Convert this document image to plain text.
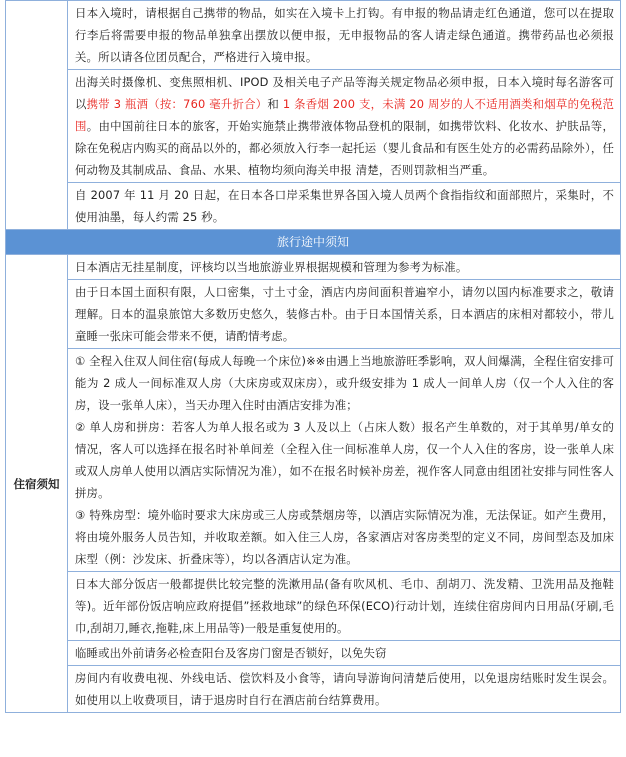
	日本入境时，请根据自己携带的物品，如实在入境卡上打钩。有申报的物品请走红色通道，您可以在提取行李后将需要申报的物品单独拿出摆放以便申报，无申报物品的客人请走绿色通道。携带药品也必须报关。所以请各位团员配合，严格进行入境申报。
	出海关时摄像机、变焦照相机、IPOD 及相关电子产品等海关规定物品必须申报，日本入境时每名游客可以携带 3 瓶酒（按：760 毫升折合）和 1 条香烟 200 支，未满 20 周岁的人不适用酒类和烟草的免税范围。由中国前往日本的旅客，开始实施禁止携带液体物品登机的限制，如携带饮料、化妆水、护肤品等，除在免税店内购买的商品以外的，都必须放入行李一起托运（婴儿食品和有医生处方的必需药品除外），任何动物及其制成品、食品、水果、植物均须向海关申报 清楚，否则罚款相当严重。
	自 2007 年 11 月 20 日起，在日本各口岸采集世界各国入境人员两个食指指纹和面部照片，采集时，不使用油墨，每人约需 25 秒。
旅行途中须知	
住宿须知	日本酒店无挂星制度，评核均以当地旅游业界根据规模和管理为参考为标准。
	由于日本国土面积有限，人口密集，寸土寸金，酒店内房间面积普遍窄小，请勿以国内标准要求之，敬请理解。日本的温泉旅馆大多数历史悠久，装修古朴。由于日本国情关系，日本酒店的床相对都较小，带儿童睡一张床可能会带来不便，请酌情考虑。

	① 全程入住双人间住宿(每成人每晚一个床位)※※由遇上当地旅游旺季影响，双人间爆满，全程住宿安排可能为 2 成人一间标准双人房（大床房或双床房），或升级安排为 1 成人一间单人房（仅一个人入住的客房，设一张单人床），当天办理入住时由酒店安排为准；

② 单人房和拼房：若客人为单人报名或为 3 人及以上（占床人数）报名产生单数的，对于其单男/单女的情况，客人可以选择在报名时补单间差（全程入住一间标准单人房，仅一个人入住的客房，设一张单人床或双人房单人使用以酒店实际情况为准），如不在报名时候补房差，视作客人同意由组团社安排与同性客人拼房。

③ 特殊房型：境外临时要求大床房或三人房或禁烟房等，以酒店实际情况为准，无法保证。如产生费用，将由境外服务人员告知，并收取差额。如入住三人房，各家酒店对客房类型的定义不同，房间型态及加床床型（例：沙发床、折叠床等），均以各酒店认定为准。

	日本大部分饭店一般都提供比较完整的洗漱用品(备有吹风机、毛巾、刮胡刀、洗发精、卫洗用品及拖鞋等)。近年部份饭店响应政府提倡”拯救地球”的绿色环保(ECO)行动计划，连续住宿房间内日用品(牙刷,毛巾,刮胡刀,睡衣,拖鞋,床上用品等)一般是重复使用的。
	临睡或出外前请务必检查阳台及客房门窗是否锁好，以免失窃
	房间内有收费电视、外线电话、偿饮料及小食等，请向导游询问清楚后使用，以免退房结账时发生误会。如使用以上收费项目，请于退房时自行在酒店前台结算费用。
